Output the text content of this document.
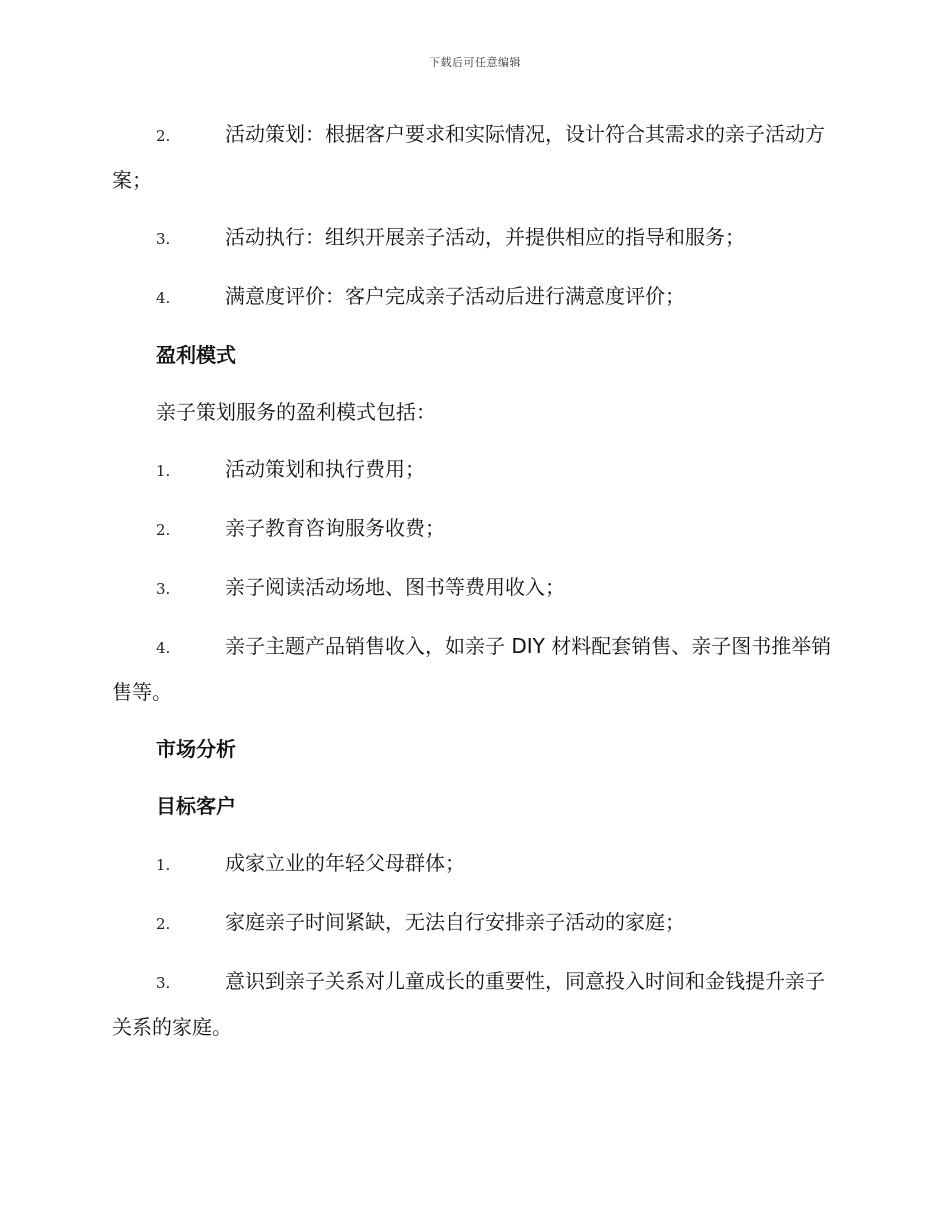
下载后可任意编辑

2.	活动策划：根据客户要求和实际情况，设计符合其需求的亲子活动方案；

3.	活动执行：组织开展亲子活动，并提供相应的指导和服务；

4.	满意度评价：客户完成亲子活动后进行满意度评价；

盈利模式

亲子策划服务的盈利模式包括：

1.	活动策划和执行费用；

2.	亲子教育咨询服务收费；

3.	亲子阅读活动场地、图书等费用收入；

4.	亲子主题产品销售收入，如亲子 DIY 材料配套销售、亲子图书推举销售等。

市场分析

目标客户

1.	成家立业的年轻父母群体；

2.	家庭亲子时间紧缺，无法自行安排亲子活动的家庭；

3.	意识到亲子关系对儿童成长的重要性，同意投入时间和金钱提升亲子关系的家庭。
